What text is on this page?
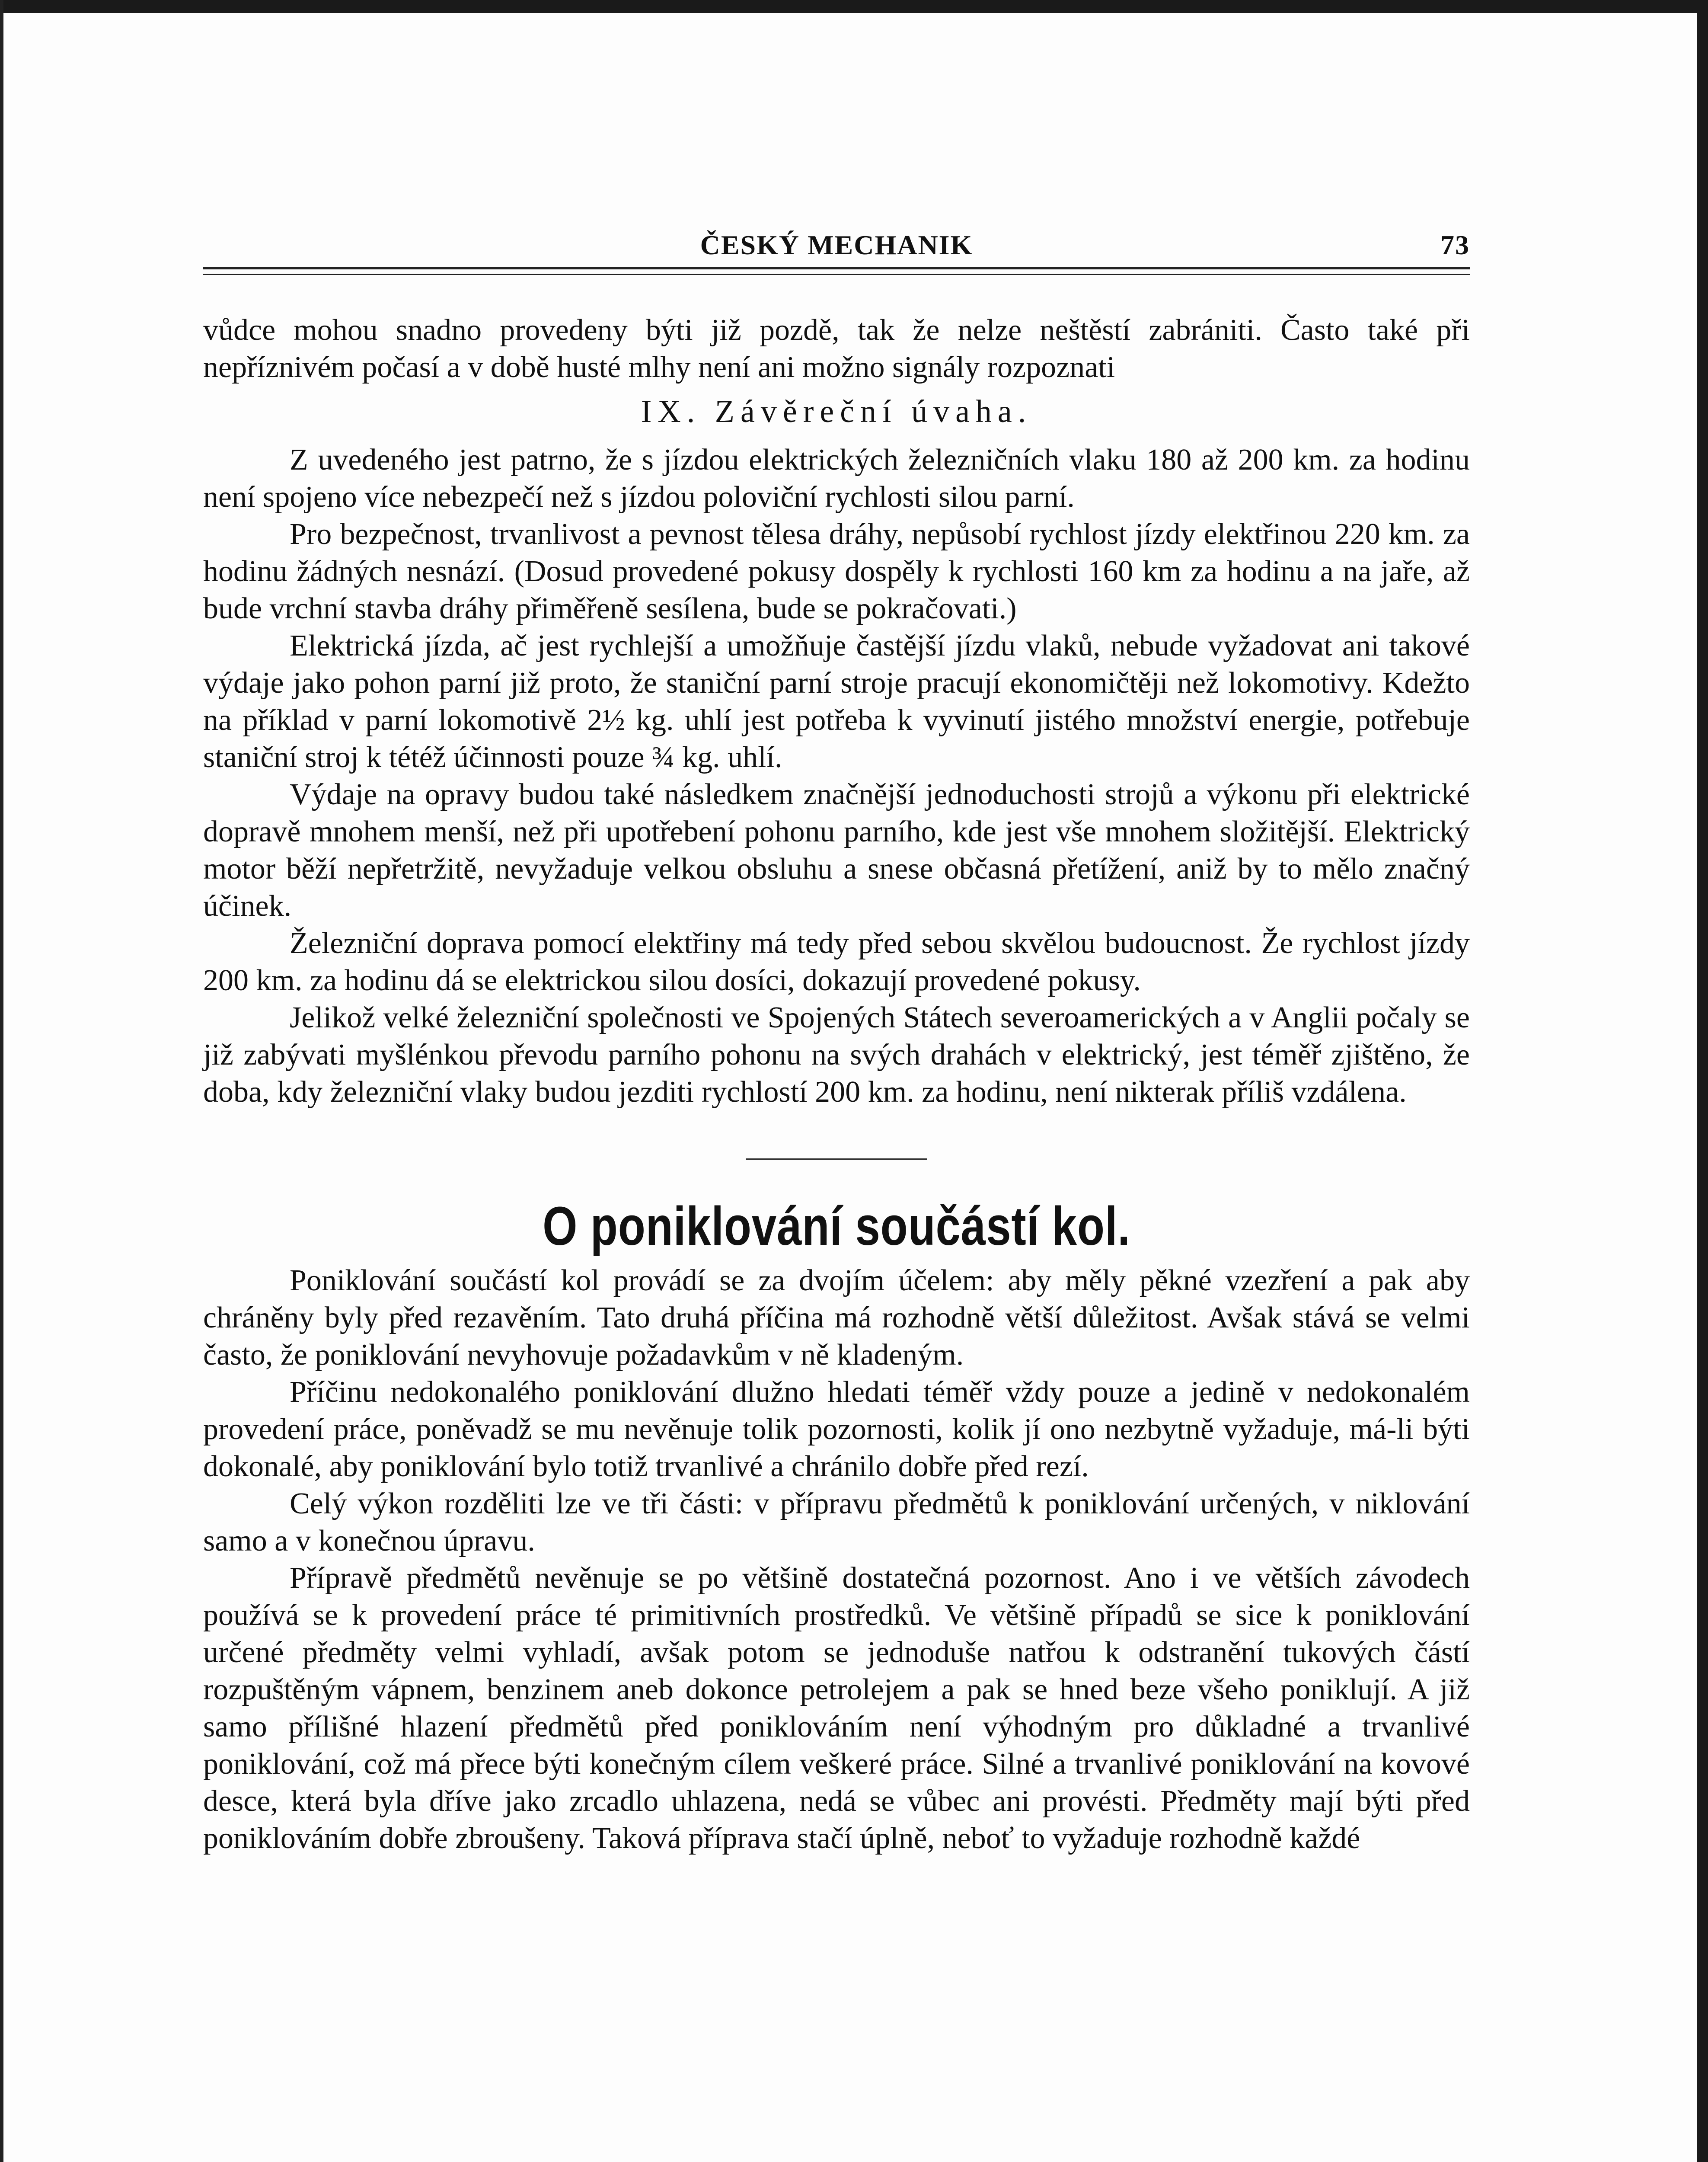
ČESKÝ MECHANIK	73

vůdce mohou snadno provedeny býti již pozdě, tak že nelze neštěstí zabrániti. Často také při nepříznivém počasí a v době husté mlhy není ani možno signály rozpoznati

IX. Závěreční úvaha.

Z uvedeného jest patrno, že s jízdou elektrických železničních vlaku 180 až 200 km. za hodinu není spojeno více nebezpečí než s jízdou poloviční rychlosti silou parní.

Pro bezpečnost, trvanlivost a pevnost tělesa dráhy, nepůsobí rychlost jízdy elektřinou 220 km. za hodinu žádných nesnází. (Dosud provedené pokusy dospěly k rychlosti 160 km za hodinu a na jaře, až bude vrchní stavba dráhy přiměřeně sesílena, bude se pokračovati.)

Elektrická jízda, ač jest rychlejší a umožňuje častější jízdu vlaků, nebude vyžadovat ani takové výdaje jako pohon parní již proto, že staniční parní stroje pracují ekonomičtěji než lokomotivy. Kdežto na příklad v parní lokomotivě 2½ kg. uhlí jest potřeba k vyvinutí jistého množství energie, potřebuje staniční stroj k tétéž účinnosti pouze ¾ kg. uhlí.

Výdaje na opravy budou také následkem značnější jednoduchosti strojů a výkonu při elektrické dopravě mnohem menší, než při upotřebení pohonu parního, kde jest vše mnohem složitější. Elektrický motor běží nepřetržitě, nevyžaduje velkou obsluhu a snese občasná přetížení, aniž by to mělo značný účinek.

Železniční doprava pomocí elektřiny má tedy před sebou skvělou budoucnost. Že rychlost jízdy 200 km. za hodinu dá se elektrickou silou dosíci, dokazují provedené pokusy.

Jelikož velké železniční společnosti ve Spojených Státech severoamerických a v Anglii počaly se již zabývati myšlénkou převodu parního pohonu na svých drahách v elektrický, jest téměř zjištěno, že doba, kdy železniční vlaky budou jezditi rychlostí 200 km. za hodinu, není nikterak příliš vzdálena.

O poniklování součástí kol.

Poniklování součástí kol provádí se za dvojím účelem: aby měly pěkné vzezření a pak aby chráněny byly před rezavěním. Tato druhá příčina má rozhodně větší důležitost. Avšak stává se velmi často, že poniklování nevyhovuje požadavkům v ně kladeným.

Příčinu nedokonalého poniklování dlužno hledati téměř vždy pouze a jedině v nedokonalém provedení práce, poněvadž se mu nevěnuje tolik pozornosti, kolik jí ono nezbytně vyžaduje, má-li býti dokonalé, aby poniklování bylo totiž trvanlivé a chránilo dobře před rezí.

Celý výkon rozděliti lze ve tři části: v přípravu předmětů k poniklování určených, v niklování samo a v konečnou úpravu.

Přípravě předmětů nevěnuje se po většině dostatečná pozornost. Ano i ve větších závodech používá se k provedení práce té primitivních prostředků. Ve většině případů se sice k poniklování určené předměty velmi vyhladí, avšak potom se jednoduše natřou k odstranění tukových částí rozpuštěným vápnem, benzinem aneb dokonce petrolejem a pak se hned beze všeho poniklují. A již samo přílišné hlazení předmětů před poniklováním není výhodným pro důkladné a trvanlivé poniklování, což má přece býti konečným cílem veškeré práce. Silné a trvanlivé poniklování na kovové desce, která byla dříve jako zrcadlo uhlazena, nedá se vůbec ani provésti. Předměty mají býti před poniklováním dobře zbroušeny. Taková příprava stačí úplně, neboť to vyžaduje rozhodně každé
